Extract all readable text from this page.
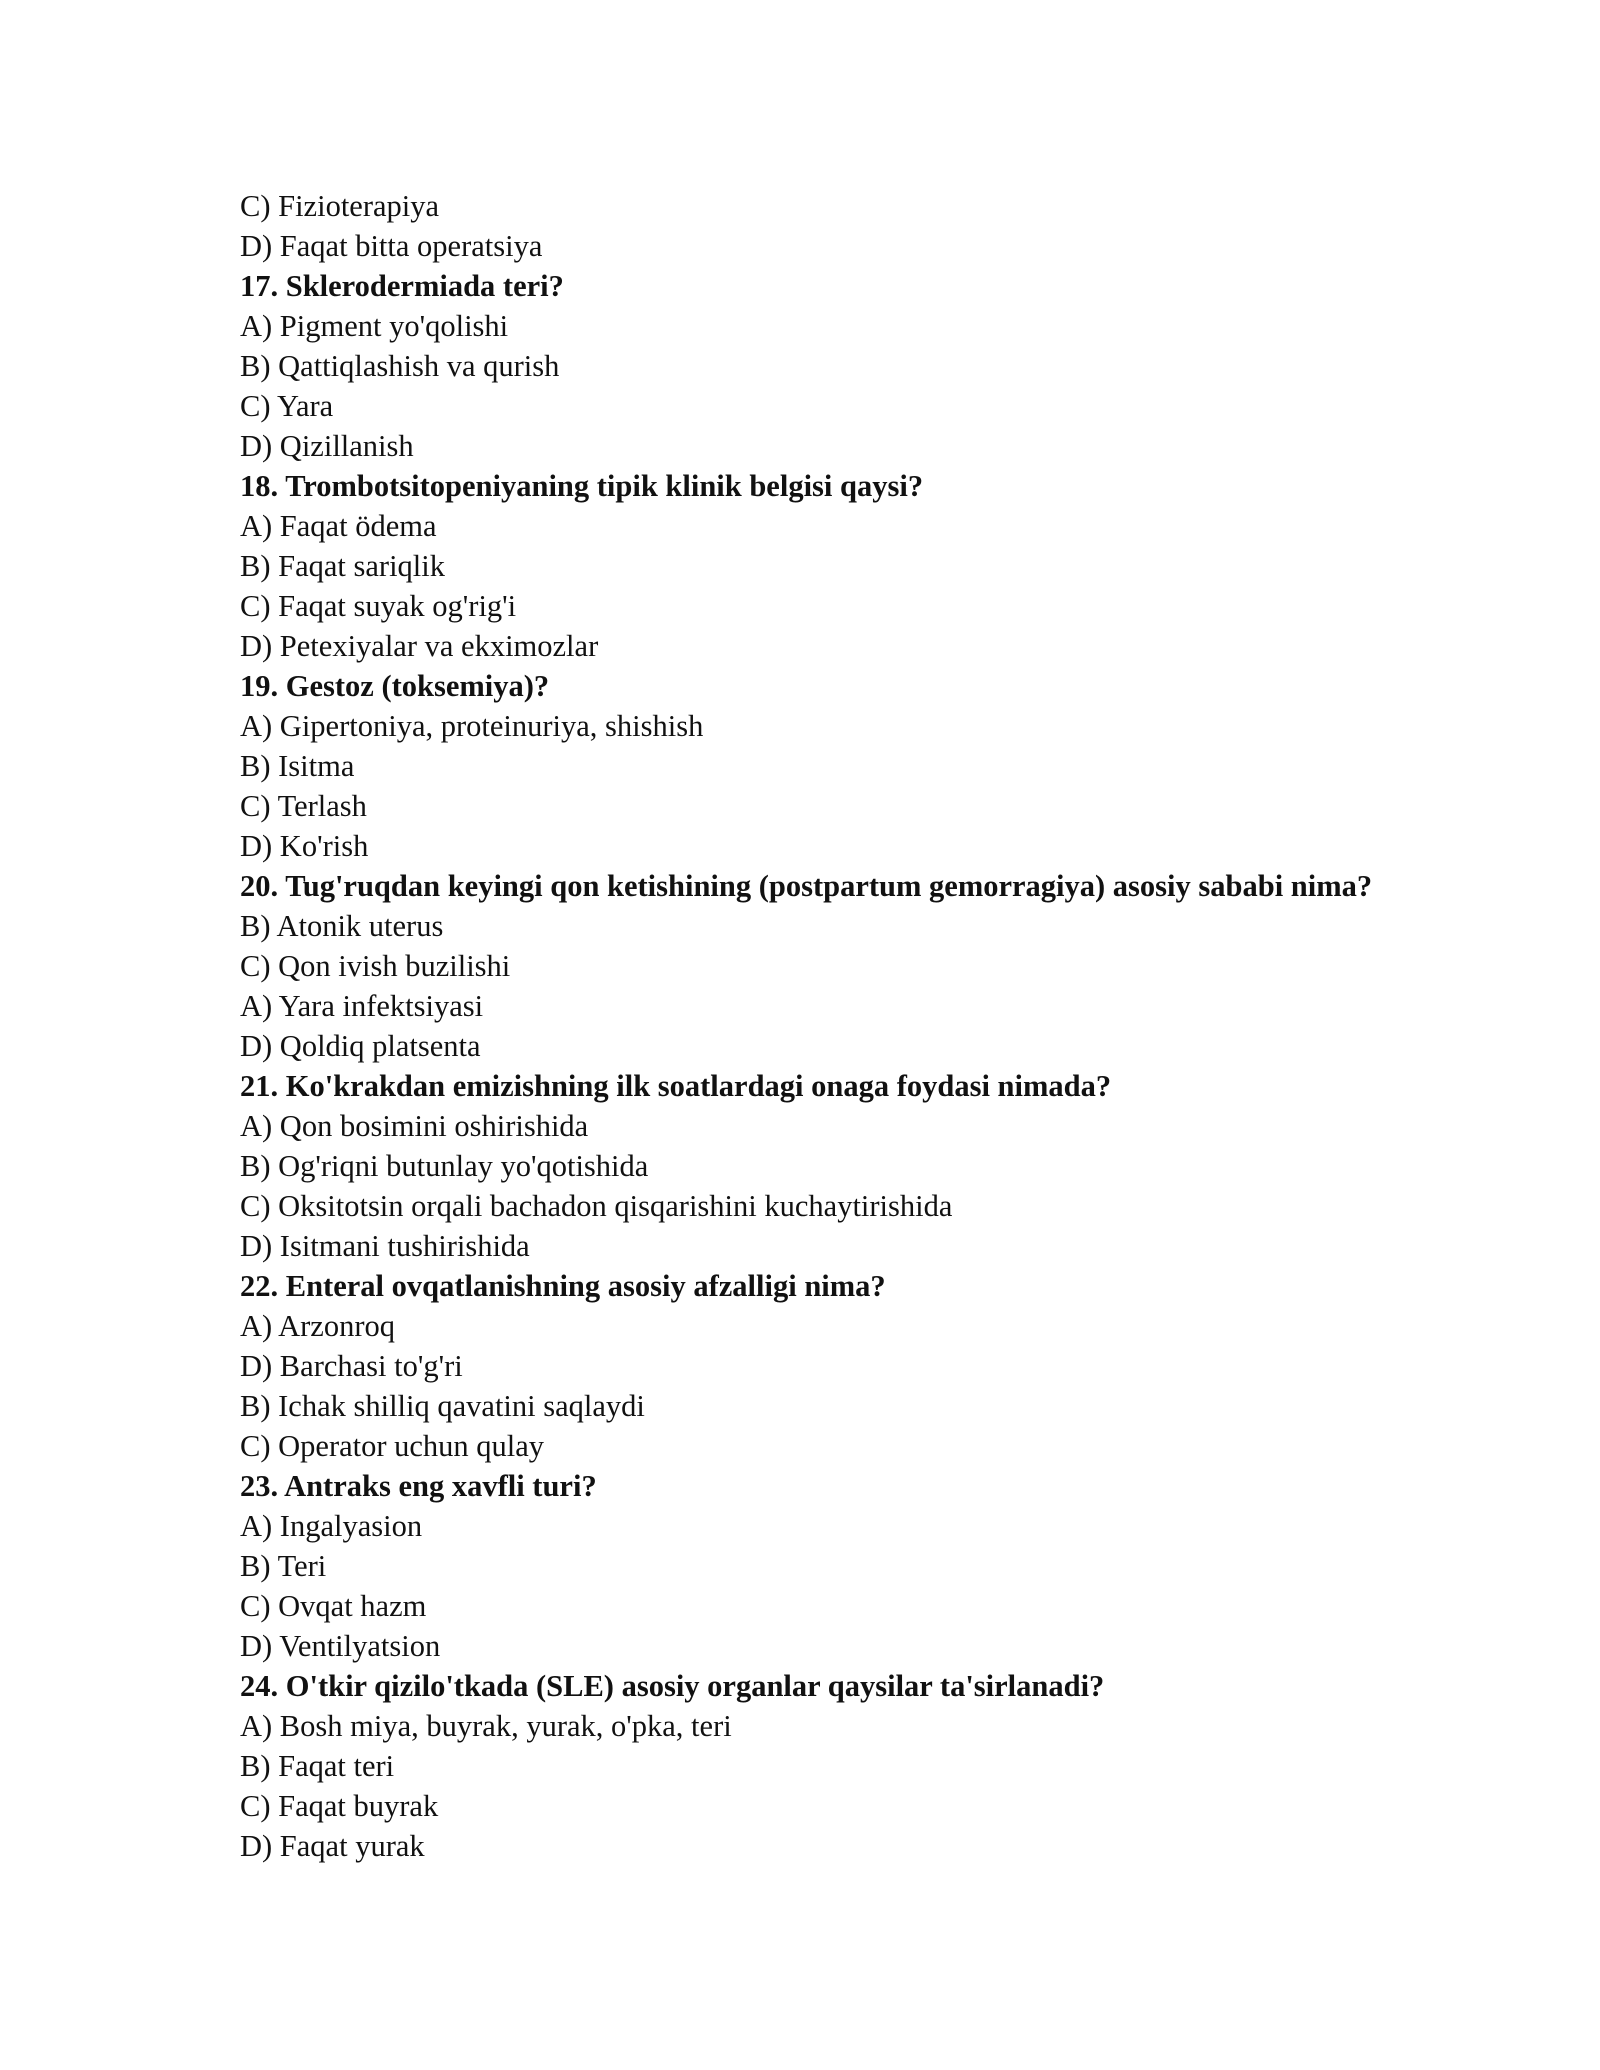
C) Fizioterapiya
D) Faqat bitta operatsiya
17. Sklerodermiada teri?
A) Pigment yo'qolishi
B) Qattiqlashish va qurish
C) Yara
D) Qizillanish
18. Trombotsitopeniyaning tipik klinik belgisi qaysi?
A) Faqat ödema
B) Faqat sariqlik
C) Faqat suyak og'rig'i
D) Petexiyalar va ekximozlar
19. Gestoz (toksemiya)?
A) Gipertoniya, proteinuriya, shishish
B) Isitma
C) Terlash
D) Ko'rish
20. Tug'ruqdan keyingi qon ketishining (postpartum gemorragiya) asosiy sababi nima?
B) Atonik uterus
C) Qon ivish buzilishi
A) Yara infektsiyasi
D) Qoldiq platsenta
21. Ko'krakdan emizishning ilk soatlardagi onaga foydasi nimada?
A) Qon bosimini oshirishida
B) Og'riqni butunlay yo'qotishida
C) Oksitotsin orqali bachadon qisqarishini kuchaytirishida
D) Isitmani tushirishida
22. Enteral ovqatlanishning asosiy afzalligi nima?
A) Arzonroq
D) Barchasi to'g'ri
B) Ichak shilliq qavatini saqlaydi
C) Operator uchun qulay
23. Antraks eng xavfli turi?
A) Ingalyasion
B) Teri
C) Ovqat hazm
D) Ventilyatsion
24. O'tkir qizilo'tkada (SLE) asosiy organlar qaysilar ta'sirlanadi?
A) Bosh miya, buyrak, yurak, o'pka, teri
B) Faqat teri
C) Faqat buyrak
D) Faqat yurak
